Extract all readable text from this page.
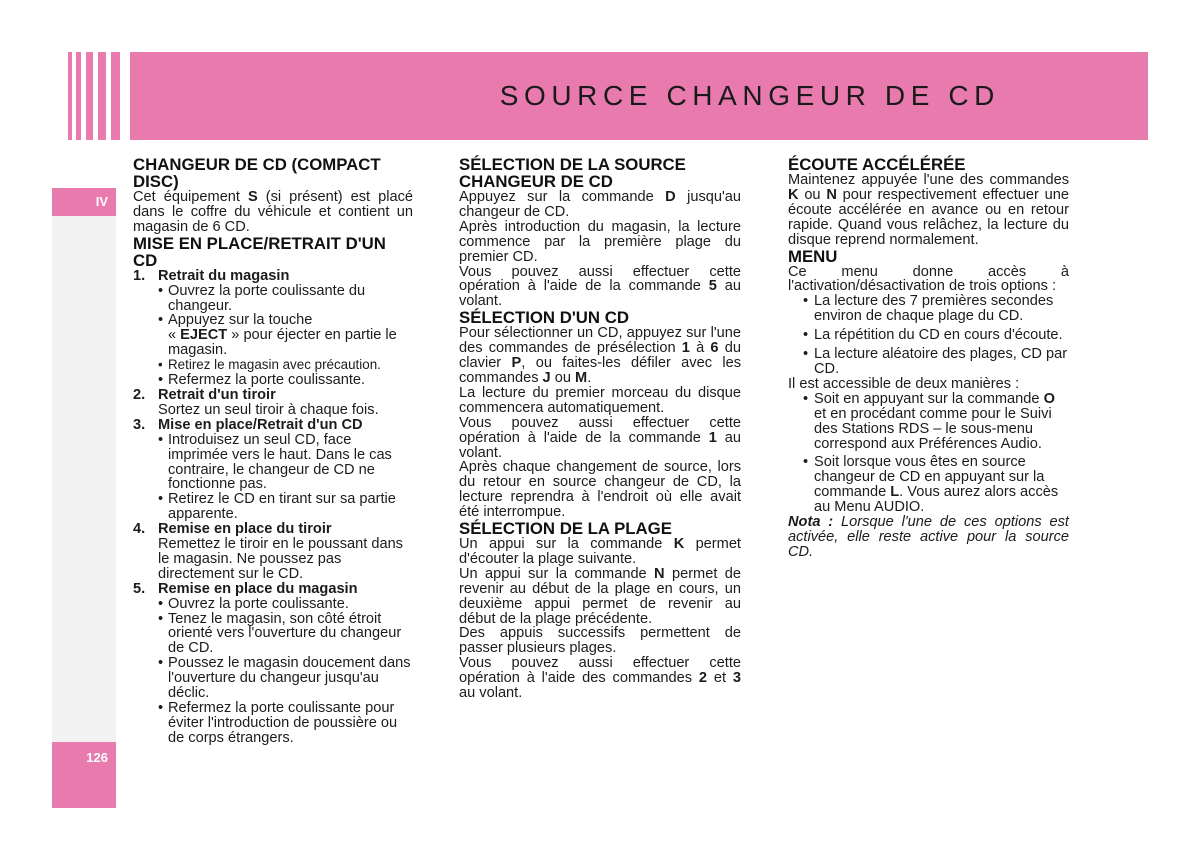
SOURCE CHANGEUR DE CD
IV
126
CHANGEUR DE CD (COMPACT DISC)

Cet équipement S (si présent) est placé dans le coffre du véhicule et contient un magasin de 6 CD.

MISE EN PLACE/RETRAIT D'UN CD
1. Retrait du magasin
• Ouvrez la porte coulissante du changeur.
• Appuyez sur la touche
« EJECT » pour éjecter en partie le magasin.
• Retirez le magasin avec précaution.
• Refermez la porte coulissante.
2. Retrait d'un tiroir
Sortez un seul tiroir à chaque fois.
3. Mise en place/Retrait d'un CD
• Introduisez un seul CD, face imprimée vers le haut. Dans le cas contraire, le changeur de CD ne fonctionne pas.
• Retirez le CD en tirant sur sa partie apparente.
4. Remise en place du tiroir
Remettez le tiroir en le poussant dans le magasin. Ne poussez pas directement sur le CD.
5. Remise en place du magasin
• Ouvrez la porte coulissante.
• Tenez le magasin, son côté étroit orienté vers l'ouverture du changeur de CD.
• Poussez le magasin doucement dans l'ouverture du changeur jusqu'au déclic.
• Refermez la porte coulissante pour éviter l'introduction de poussière ou de corps étrangers.
SÉLECTION DE LA SOURCE CHANGEUR DE CD

Appuyez sur la commande D jusqu'au changeur de CD.

Après introduction du magasin, la lecture commence par la première plage du premier CD.

Vous pouvez aussi effectuer cette opération à l'aide de la commande 5 au volant.

SÉLECTION D'UN CD

Pour sélectionner un CD, appuyez sur l'une des commandes de présélection 1 à 6 du clavier P, ou faites-les défiler avec les commandes J ou M.

La lecture du premier morceau du disque commencera automatiquement.

Vous pouvez aussi effectuer cette opération à l'aide de la commande 1 au volant.

Après chaque changement de source, lors du retour en source changeur de CD, la lecture reprendra à l'endroit où elle avait été interrompue.

SÉLECTION DE LA PLAGE

Un appui sur la commande K permet d'écouter la plage suivante.

Un appui sur la commande N permet de revenir au début de la plage en cours, un deuxième appui permet de revenir au début de la plage précédente.

Des appuis successifs permettent de passer plusieurs plages.

Vous pouvez aussi effectuer cette opération à l'aide des commandes 2 et 3 au volant.

ÉCOUTE ACCÉLÉRÉE

Maintenez appuyée l'une des commandes K ou N pour respectivement effectuer une écoute accélérée en avance ou en retour rapide. Quand vous relâchez, la lecture du disque reprend normalement.

MENU

Ce menu donne accès à l'activation/désactivation de trois options :

• La lecture des 7 premières secondes environ de chaque plage du CD.
• La répétition du CD en cours d'écoute.
• La lecture aléatoire des plages, CD par CD.

Il est accessible de deux manières :

• Soit en appuyant sur la commande O et en procédant comme pour le Suivi des Stations RDS – le sous-menu correspond aux Préférences Audio.
• Soit lorsque vous êtes en source changeur de CD en appuyant sur la commande L. Vous aurez alors accès au Menu AUDIO.

Nota : Lorsque l'une de ces options est activée, elle reste active pour la source CD.
